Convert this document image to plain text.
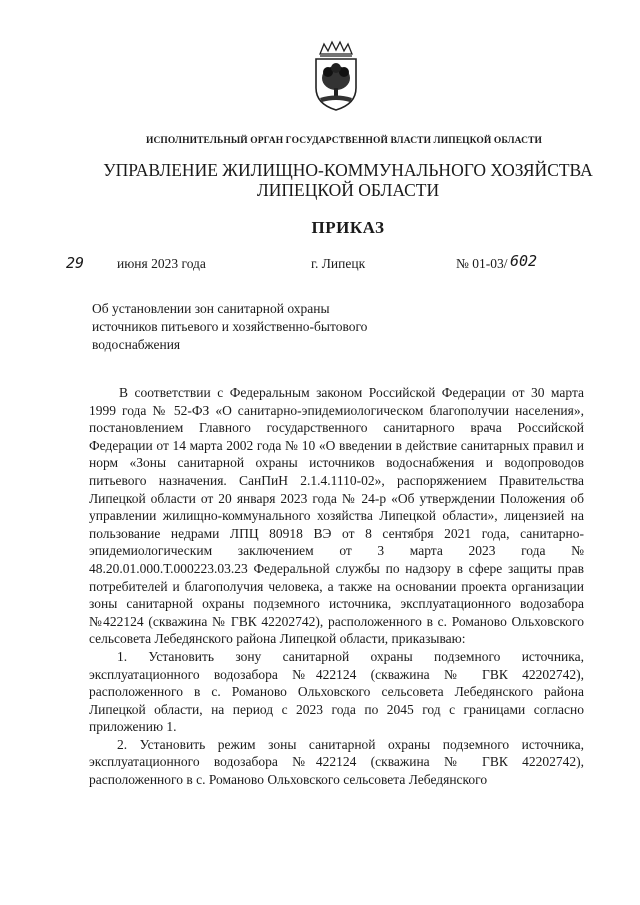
ИСПОЛНИТЕЛЬНЫЙ ОРГАН ГОСУДАРСТВЕННОЙ ВЛАСТИ ЛИПЕЦКОЙ ОБЛАСТИ
УПРАВЛЕНИЕ ЖИЛИЩНО-КОММУНАЛЬНОГО ХОЗЯЙСТВА
ЛИПЕЦКОЙ ОБЛАСТИ
ПРИКАЗ
29 июня 2023 года	г. Липецк	№ 01-03/ 602
Об установлении зон санитарной охраны
источников питьевого и хозяйственно-бытового
водоснабжения

В соответствии с Федеральным законом Российской Федерации от 30 марта 1999 года № 52-ФЗ «О санитарно-эпидемиологическом благополучии населения», постановлением Главного государственного санитарного врача Российской Федерации от 14 марта 2002 года № 10 «О введении в действие санитарных правил и норм «Зоны санитарной охраны источников водоснабжения и водопроводов питьевого назначения. СанПиН 2.1.4.1110-02», распоряжением Правительства Липецкой области от 20 января 2023 года № 24-р «Об утверждении Положения об управлении жилищно-коммунального хозяйства Липецкой области», лицензией на пользование недрами ЛПЦ 80918 ВЭ от 8 сентября 2021 года, санитарно-эпидемиологическим заключением от 3 марта 2023 года № 48.20.01.000.Т.000223.03.23 Федеральной службы по надзору в сфере защиты прав потребителей и благополучия человека, а также на основании проекта организации зоны санитарной охраны подземного источника, эксплуатационного водозабора №422124 (скважина № ГВК 42202742), расположенного в с. Романово Ольховского сельсовета Лебедянского района Липецкой области, приказываю:

1. Установить зону санитарной охраны подземного источника, эксплуатационного водозабора №422124 (скважина № ГВК 42202742), расположенного в с. Романово Ольховского сельсовета Лебедянского района Липецкой области, на период с 2023 года по 2045 год с границами согласно приложению 1.

2. Установить режим зоны санитарной охраны подземного источника, эксплуатационного водозабора №422124 (скважина № ГВК 42202742), расположенного в с. Романово Ольховского сельсовета Лебедянского
